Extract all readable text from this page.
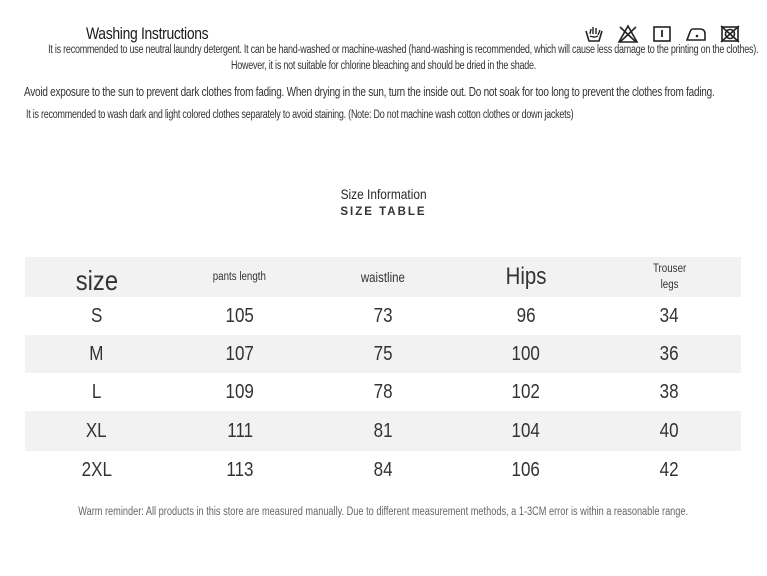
Washing Instructions
It is recommended to use neutral laundry detergent. It can be hand-washed or machine-washed (hand-washing is recommended, which will cause less damage to the printing on the clothes).
However, it is not suitable for chlorine bleaching and should be dried in the shade.
Avoid exposure to the sun to prevent dark clothes from fading. When drying in the sun, turn the inside out. Do not soak for too long to prevent the clothes from fading.
It is recommended to wash dark and light colored clothes separately to avoid staining. (Note: Do not machine wash cotton clothes or down jackets)
Size Information
SIZE TABLE
size	pants length	waistline	Hips	Trouser
legs
S	105	73	96	34
M	107	75	100	36
L	109	78	102	38
XL	111	81	104	40
2XL	113	84	106	42
Warm reminder: All products in this store are measured manually. Due to different measurement methods, a 1-3CM error is within a reasonable range.
